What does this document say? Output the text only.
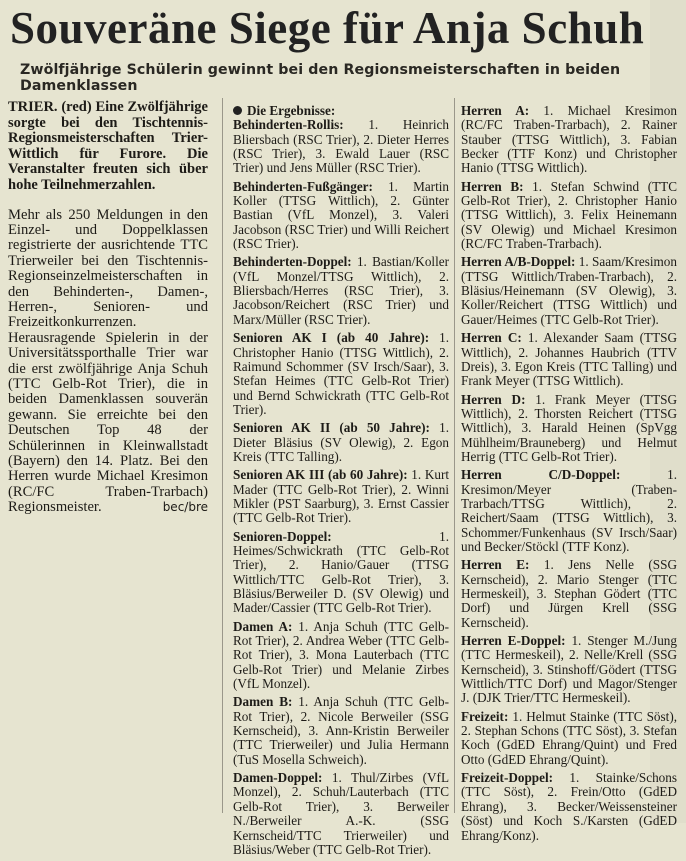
Souveräne Siege für Anja Schuh
Zwölfjährige Schülerin gewinnt bei den Regionsmeisterschaften in beiden Damenklassen

TRIER. (red) Eine Zwölfjährige sorgte bei den Tischtennis-Regionsmeisterschaften Trier-Wittlich für Furore. Die Veranstalter freuten sich über hohe Teilnehmerzahlen.

Mehr als 250 Meldungen in den Einzel- und Doppelklassen registrierte der ausrichtende TTC Trierweiler bei den Tischtennis-Regionseinzelmeisterschaften in den Behinderten-, Damen-, Herren-, Senioren- und Freizeitkonkurrenzen. Herausragende Spielerin in der Universitätssporthalle Trier war die erst zwölfjährige Anja Schuh (TTC Gelb-Rot Trier), die in beiden Damenklassen souverän gewann. Sie erreichte bei den Deutschen Top 48 der Schülerinnen in Kleinwallstadt (Bayern) den 14. Platz. Bei den Herren wurde Michael Kresimon (RC/FC Traben-Trarbach) Regionsmeister.	bec/bre

Die Ergebnisse:

Behinderten-Rollis: 1. Heinrich Bliersbach (RSC Trier), 2. Dieter Herres (RSC Trier), 3. Ewald Lauer (RSC Trier) und Jens Müller (RSC Trier).

Behinderten-Fußgänger: 1. Martin Koller (TTSG Wittlich), 2. Günter Bastian (VfL Monzel), 3. Valeri Jacobson (RSC Trier) und Willi Reichert (RSC Trier).

Behinderten-Doppel: 1. Bastian/Koller (VfL Monzel/TTSG Wittlich), 2. Bliersbach/Herres (RSC Trier), 3. Jacobson/Reichert (RSC Trier) und Marx/Müller (RSC Trier).

Senioren AK I (ab 40 Jahre): 1. Christopher Hanio (TTSG Wittlich), 2. Raimund Schommer (SV Irsch/Saar), 3. Stefan Heimes (TTC Gelb-Rot Trier) und Bernd Schwickrath (TTC Gelb-Rot Trier).

Senioren AK II (ab 50 Jahre): 1. Dieter Bläsius (SV Olewig), 2. Egon Kreis (TTC Talling).

Senioren AK III (ab 60 Jahre): 1. Kurt Mader (TTC Gelb-Rot Trier), 2. Winni Mikler (PST Saarburg), 3. Ernst Cassier (TTC Gelb-Rot Trier).

Senioren-Doppel:	1. Heimes/Schwickrath (TTC Gelb-Rot Trier), 2. Hanio/Gauer (TTSG Wittlich/TTC Gelb-Rot Trier), 3. Bläsius/Berweiler D. (SV Olewig) und Mader/Cassier (TTC Gelb-Rot Trier).

Damen A: 1. Anja Schuh (TTC Gelb-Rot Trier), 2. Andrea Weber (TTC Gelb-Rot Trier), 3. Mona Lauterbach (TTC Gelb-Rot Trier) und Melanie Zirbes (VfL Monzel).

Damen B: 1. Anja Schuh (TTC Gelb-Rot Trier), 2. Nicole Berweiler (SSG Kernscheid), 3. Ann-Kristin Berweiler (TTC Trierweiler) und Julia Hermann (TuS Mosella Schweich).

Damen-Doppel: 1. Thul/Zirbes (VfL Monzel), 2. Schuh/Lauterbach (TTC Gelb-Rot Trier), 3. Berweiler N./Berweiler A.-K. (SSG Kernscheid/TTC Trierweiler) und Bläsius/Weber (TTC Gelb-Rot Trier).

Herren A: 1. Michael Kresimon (RC/FC Traben-Trarbach), 2. Rainer Stauber (TTSG Wittlich), 3. Fabian Becker (TTF Konz) und Christopher Hanio (TTSG Wittlich).

Herren B: 1. Stefan Schwind (TTC Gelb-Rot Trier), 2. Christopher Hanio (TTSG Wittlich), 3. Felix Heinemann (SV Olewig) und Michael Kresimon (RC/FC Traben-Trarbach).

Herren A/B-Doppel: 1. Saam/Kresimon (TTSG Wittlich/Traben-Trarbach), 2. Bläsius/Heinemann (SV Olewig), 3. Koller/Reichert (TTSG Wittlich) und Gauer/Heimes (TTC Gelb-Rot Trier).

Herren C: 1. Alexander Saam (TTSG Wittlich), 2. Johannes Haubrich (TTV Dreis), 3. Egon Kreis (TTC Talling) und Frank Meyer (TTSG Wittlich).

Herren D: 1. Frank Meyer (TTSG Wittlich), 2. Thorsten Reichert (TTSG Wittlich), 3. Harald Heinen (SpVgg Mühlheim/Brauneberg) und Helmut Herrig (TTC Gelb-Rot Trier).

Herren C/D-Doppel:	1. Kresimon/Meyer (Traben-Trarbach/TTSG Wittlich), 2. Reichert/Saam (TTSG Wittlich), 3. Schommer/Funkenhaus (SV Irsch/Saar) und Becker/Stöckl (TTF Konz).

Herren E: 1. Jens Nelle (SSG Kernscheid), 2. Mario Stenger (TTC Hermeskeil), 3. Stephan Gödert (TTC Dorf) und Jürgen Krell (SSG Kernscheid).

Herren E-Doppel: 1. Stenger M./Jung (TTC Hermeskeil), 2. Nelle/Krell (SSG Kernscheid), 3. Stinshoff/Gödert (TTSG Wittlich/TTC Dorf) und Magor/Stenger J. (DJK Trier/TTC Hermeskeil).

Freizeit: 1. Helmut Stainke (TTC Söst), 2. Stephan Schons (TTC Söst), 3. Stefan Koch (GdED Ehrang/Quint) und Fred Otto (GdED Ehrang/Quint).

Freizeit-Doppel: 1. Stainke/Schons (TTC Söst), 2. Frein/Otto (GdED Ehrang), 3. Becker/Weissensteiner (Söst) und Koch S./Karsten (GdED Ehrang/Konz).
